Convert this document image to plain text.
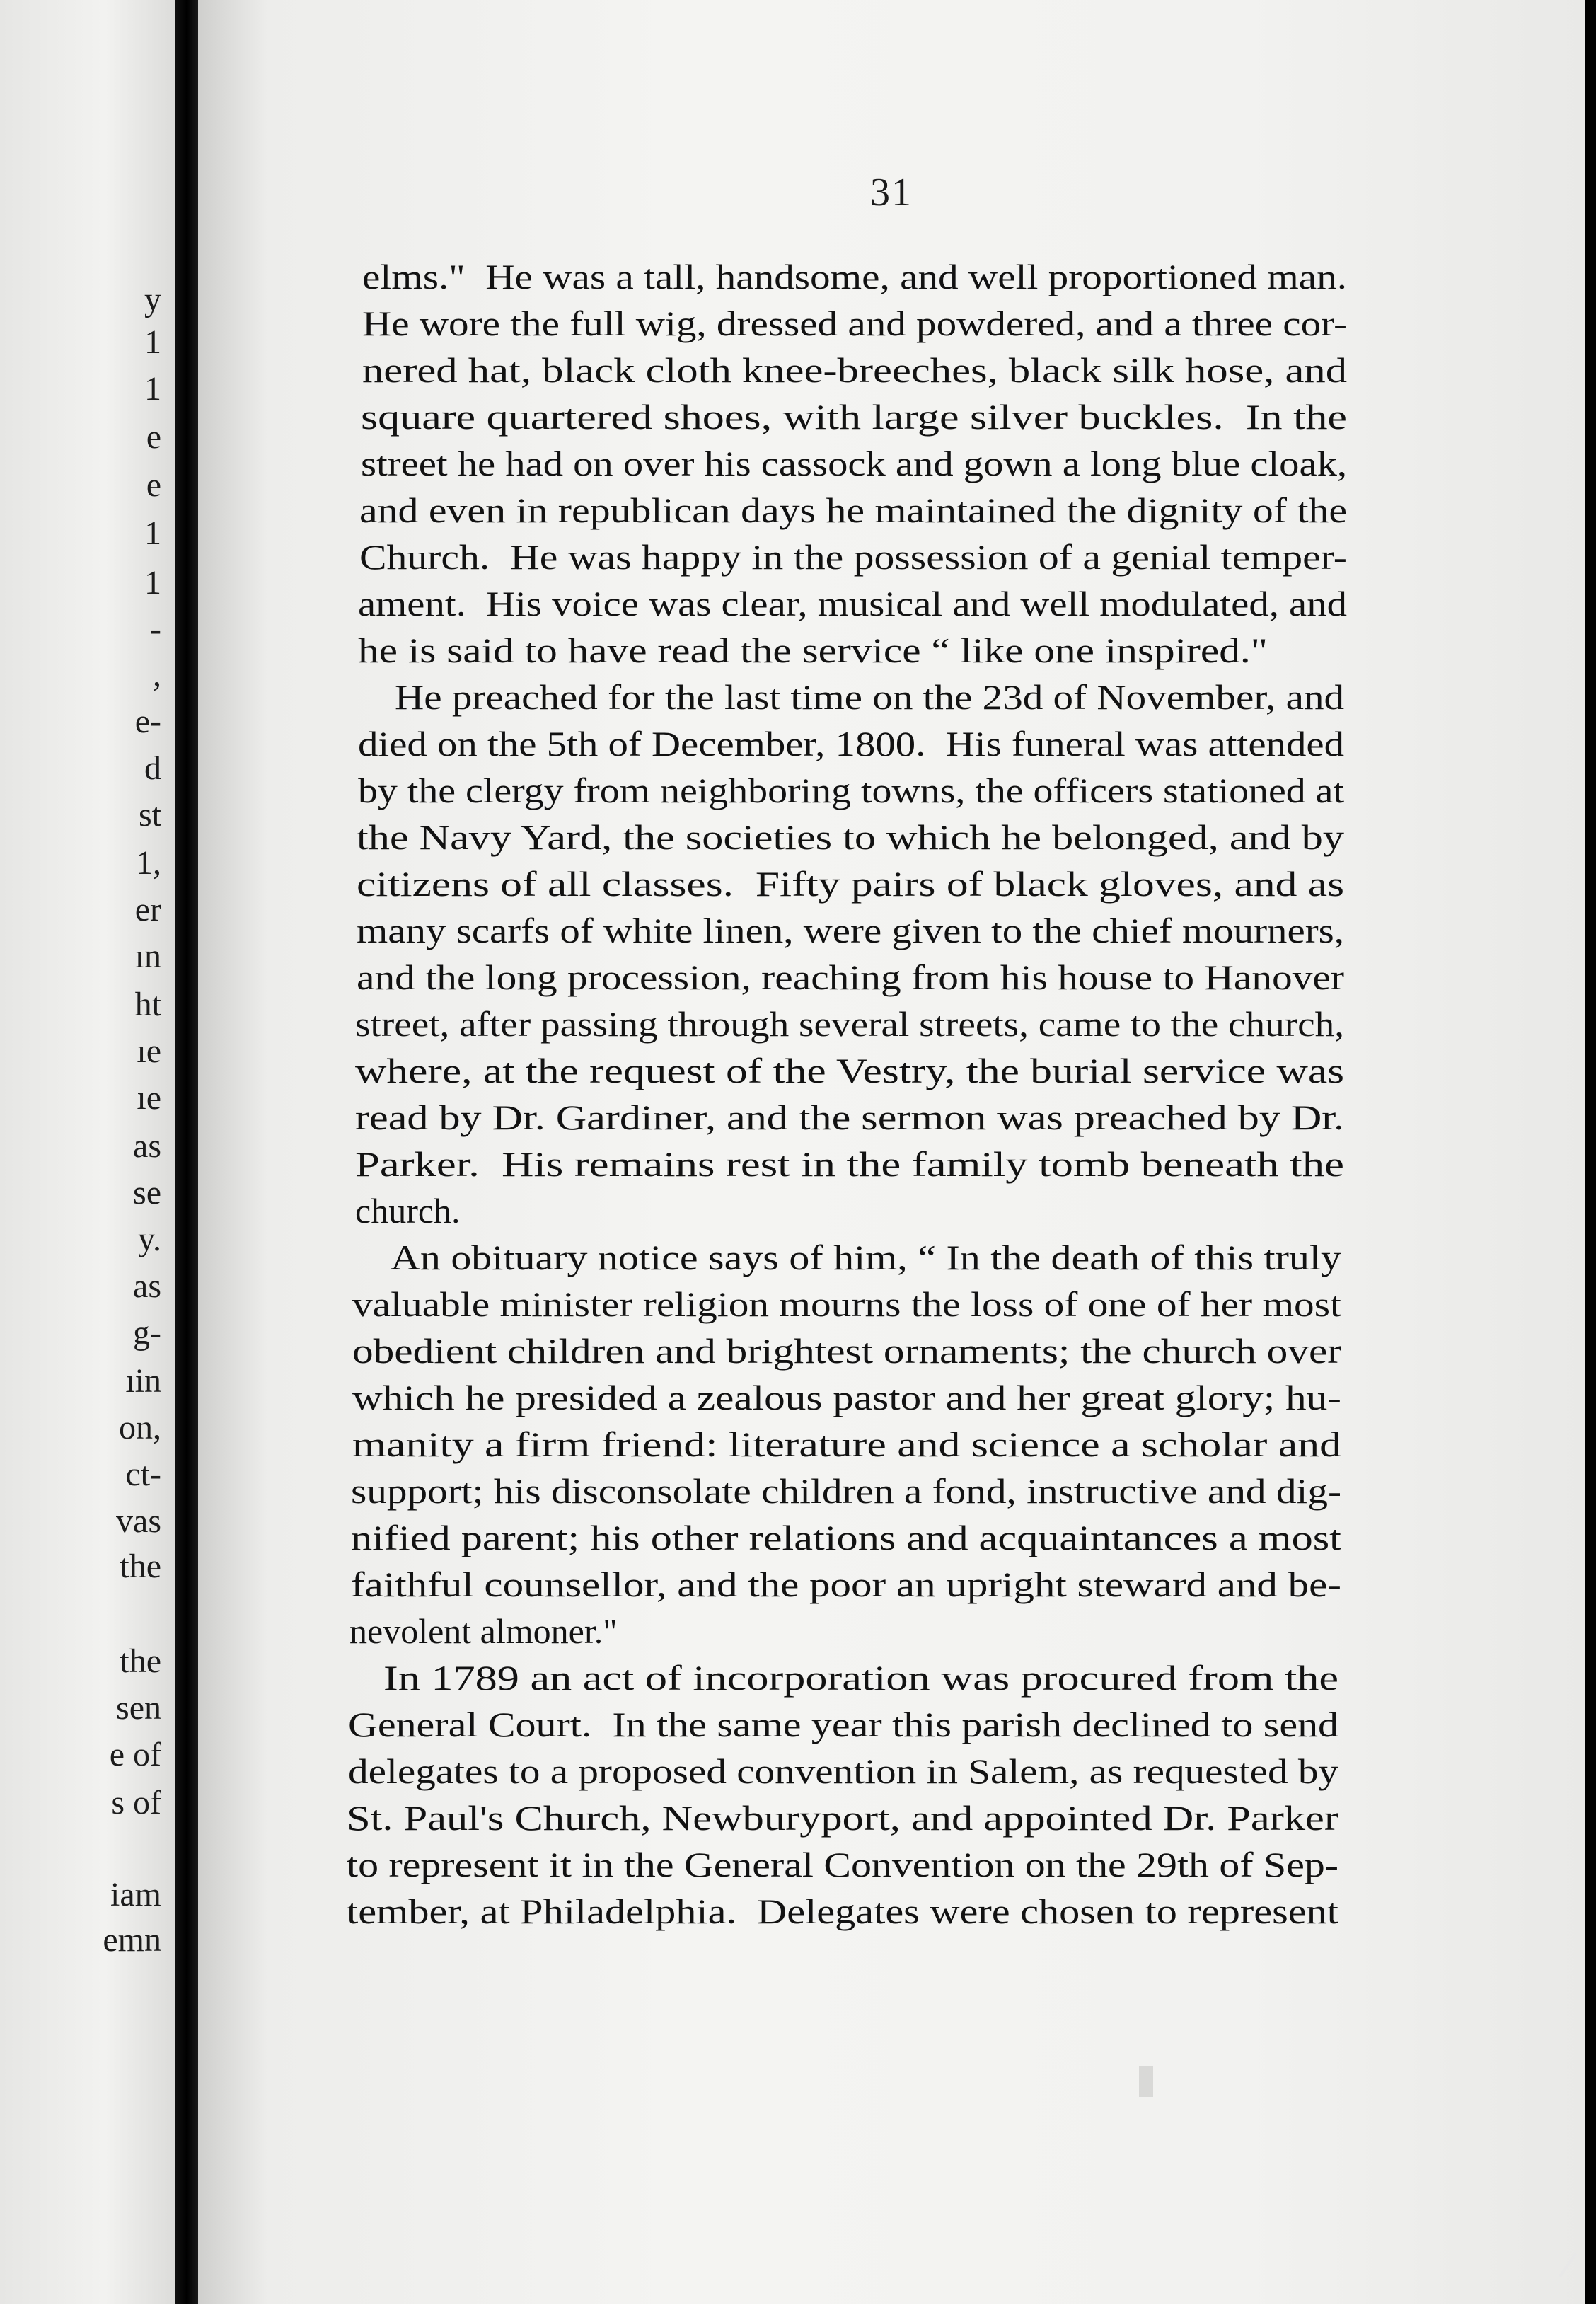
y
1
1
e
e
1
1
-
,
e-
d
st
1,
er
ın
ht
ıe
ıe
as
se
y.
as
g-
ıin
on,
ct-
vas
the
the
sen
e of
s of
iam
emn
31
elms."  He was a tall, handsome, and well proportioned man.
He wore the full wig, dressed and powdered, and a three cor-
nered hat, black cloth knee-breeches, black silk hose, and
square quartered shoes, with large silver buckles.  In the
street he had on over his cassock and gown a long blue cloak,
and even in republican days he maintained the dignity of the
Church.  He was happy in the possession of a genial temper-
ament.  His voice was clear, musical and well modulated, and
he is said to have read the service “ like one inspired."
He preached for the last time on the 23d of November, and
died on the 5th of December, 1800.  His funeral was attended
by the clergy from neighboring towns, the officers stationed at
the Navy Yard, the societies to which he belonged, and by
citizens of all classes.  Fifty pairs of black gloves, and as
many scarfs of white linen, were given to the chief mourners,
and the long procession, reaching from his house to Hanover
street, after passing through several streets, came to the church,
where, at the request of the Vestry, the burial service was
read by Dr. Gardiner, and the sermon was preached by Dr.
Parker.  His remains rest in the family tomb beneath the
church.
An obituary notice says of him, “ In the death of this truly
valuable minister religion mourns the loss of one of her most
obedient children and brightest ornaments; the church over
which he presided a zealous pastor and her great glory; hu-
manity a firm friend: literature and science a scholar and
support; his disconsolate children a fond, instructive and dig-
nified parent; his other relations and acquaintances a most
faithful counsellor, and the poor an upright steward and be-
nevolent almoner."
In 1789 an act of incorporation was procured from the
General Court.  In the same year this parish declined to send
delegates to a proposed convention in Salem, as requested by
St. Paul's Church, Newburyport, and appointed Dr. Parker
to represent it in the General Convention on the 29th of Sep-
tember, at Philadelphia.  Delegates were chosen to represent
